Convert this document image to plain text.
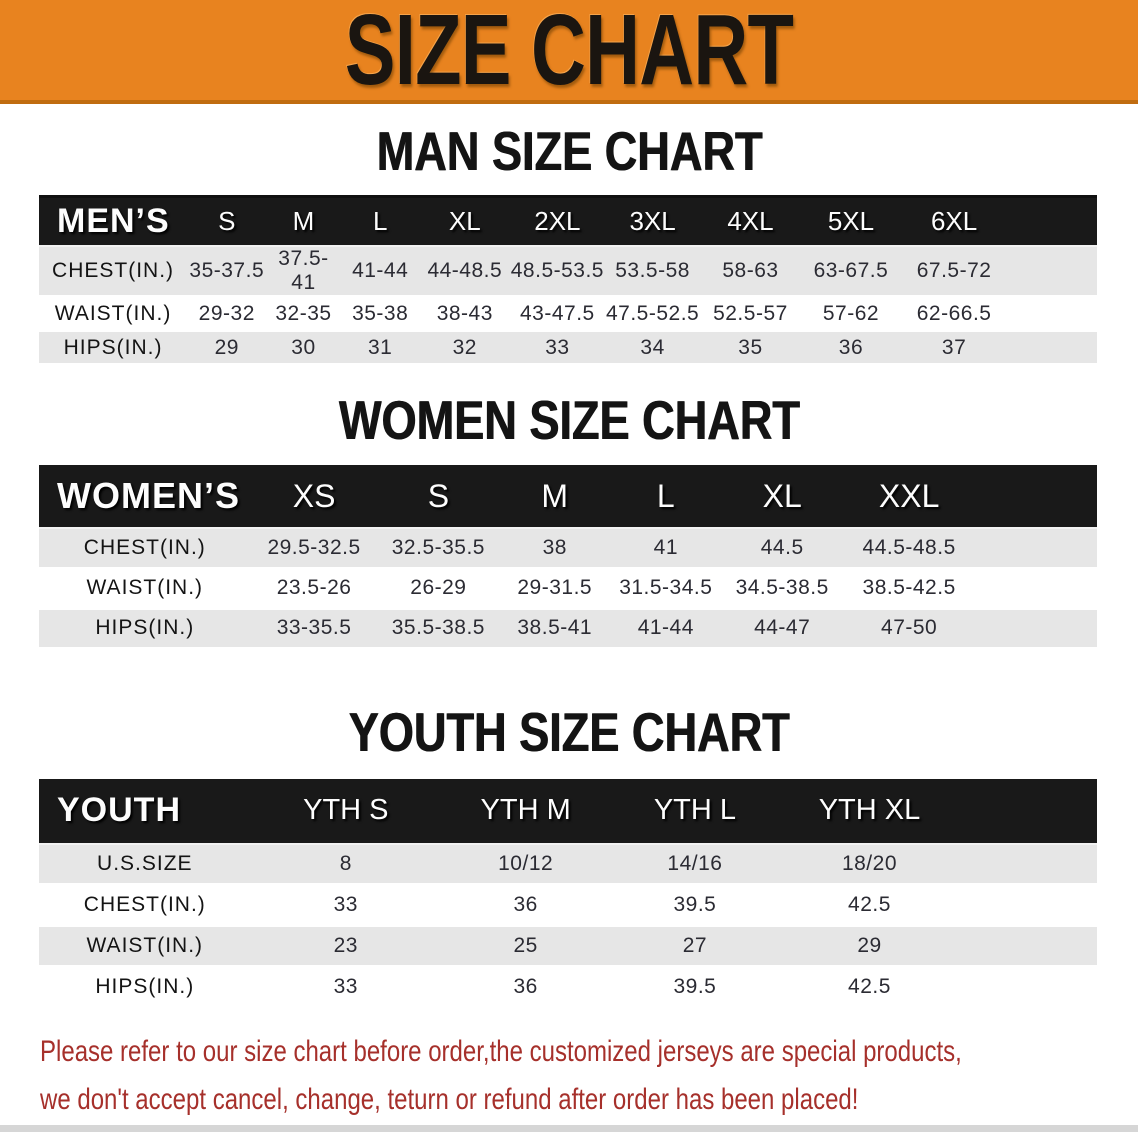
SIZE CHART
MAN SIZE CHART
MEN’S	S	M	L	XL	2XL	3XL	4XL	5XL	6XL	
CHEST(IN.)	35-37.5	37.5-41	41-44	44-48.5	48.5-53.5	53.5-58	58-63	63-67.5	67.5-72	
WAIST(IN.)	29-32	32-35	35-38	38-43	43-47.5	47.5-52.5	52.5-57	57-62	62-66.5	
HIPS(IN.)	29	30	31	32	33	34	35	36	37	
WOMEN SIZE CHART
WOMEN’S	XS	S	M	L	XL	XXL	
CHEST(IN.)	29.5-32.5	32.5-35.5	38	41	44.5	44.5-48.5	
WAIST(IN.)	23.5-26	26-29	29-31.5	31.5-34.5	34.5-38.5	38.5-42.5	
HIPS(IN.)	33-35.5	35.5-38.5	38.5-41	41-44	44-47	47-50	
YOUTH SIZE CHART
YOUTH	YTH S	YTH M	YTH L	YTH XL	
U.S.SIZE	8	10/12	14/16	18/20	
CHEST(IN.)	33	36	39.5	42.5	
WAIST(IN.)	23	25	27	29	
HIPS(IN.)	33	36	39.5	42.5	

Please refer to our size chart before order,the customized jerseys are special products,
we don't accept cancel, change, teturn or refund after order has been placed!
